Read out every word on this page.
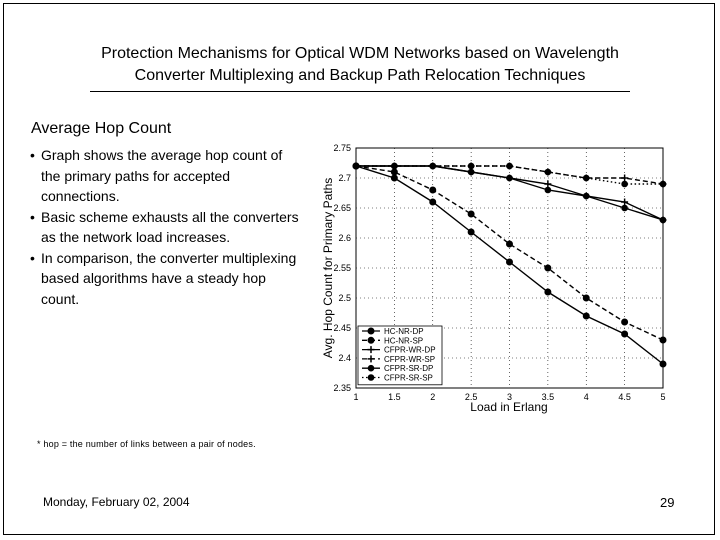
Protection Mechanisms for Optical WDM Networks based on Wavelength
Converter Multiplexing and Backup Path Relocation Techniques
Average Hop Count
• Graph shows the average hop count of the primary paths for accepted connections.
• Basic scheme exhausts all the converters as the network load increases.
• In comparison, the converter multiplexing based algorithms have a steady hop count.
2.35
2.4
2.45
2.5
2.55
2.6
2.65
2.7
2.75
1	1.5	2	2.5	3	3.5	4	4.5	5
Load in Erlang
Avg. Hop Count for Primary Paths	HC-NR-DP
HC-NR-SP
CFPR-WR-DP
CFPR-WR-SP
CFPR-SR-DP
CFPR-SR-SP
* hop = the number of links between a pair of nodes.
Monday, February 02, 2004	29
